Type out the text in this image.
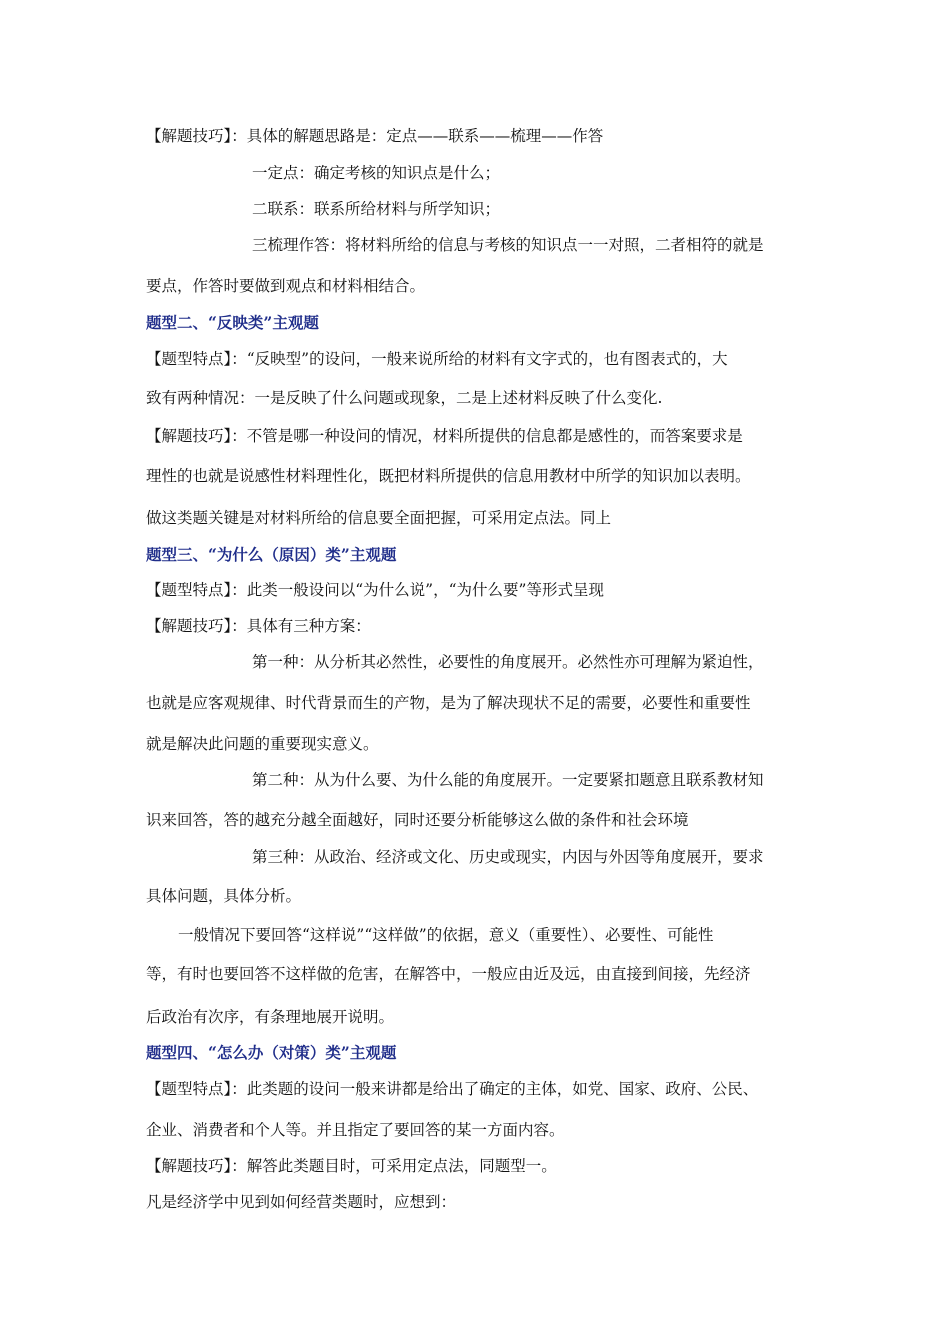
【解题技巧】：具体的解题思路是：定点——联系——梳理——作答
一定点：确定考核的知识点是什么；
二联系：联系所给材料与所学知识；
三梳理作答：将材料所给的信息与考核的知识点一一对照，二者相符的就是
要点，作答时要做到观点和材料相结合。
题型二、“反映类”主观题
【题型特点】：“反映型”的设问，一般来说所给的材料有文字式的，也有图表式的，大
致有两种情况：一是反映了什么问题或现象，二是上述材料反映了什么变化.
【解题技巧】：不管是哪一种设问的情况，材料所提供的信息都是感性的，而答案要求是
理性的也就是说感性材料理性化，既把材料所提供的信息用教材中所学的知识加以表明。
做这类题关键是对材料所给的信息要全面把握，可采用定点法。同上
题型三、“为什么（原因）类”主观题
【题型特点】：此类一般设问以“为什么说”，“为什么要”等形式呈现
【解题技巧】：具体有三种方案：
第一种：从分析其必然性，必要性的角度展开。必然性亦可理解为紧迫性，
也就是应客观规律、时代背景而生的产物，是为了解决现状不足的需要，必要性和重要性
就是解决此问题的重要现实意义。
第二种：从为什么要、为什么能的角度展开。一定要紧扣题意且联系教材知
识来回答，答的越充分越全面越好，同时还要分析能够这么做的条件和社会环境
第三种：从政治、经济或文化、历史或现实，内因与外因等角度展开，要求
具体问题，具体分析。
一般情况下要回答“这样说”“这样做”的依据，意义（重要性）、必要性、可能性
等，有时也要回答不这样做的危害，在解答中，一般应由近及远，由直接到间接，先经济
后政治有次序，有条理地展开说明。
题型四、“怎么办（对策）类”主观题
【题型特点】：此类题的设问一般来讲都是给出了确定的主体，如党、国家、政府、公民、
企业、消费者和个人等。并且指定了要回答的某一方面内容。
【解题技巧】：解答此类题目时，可采用定点法，同题型一。
凡是经济学中见到如何经营类题时，应想到：
